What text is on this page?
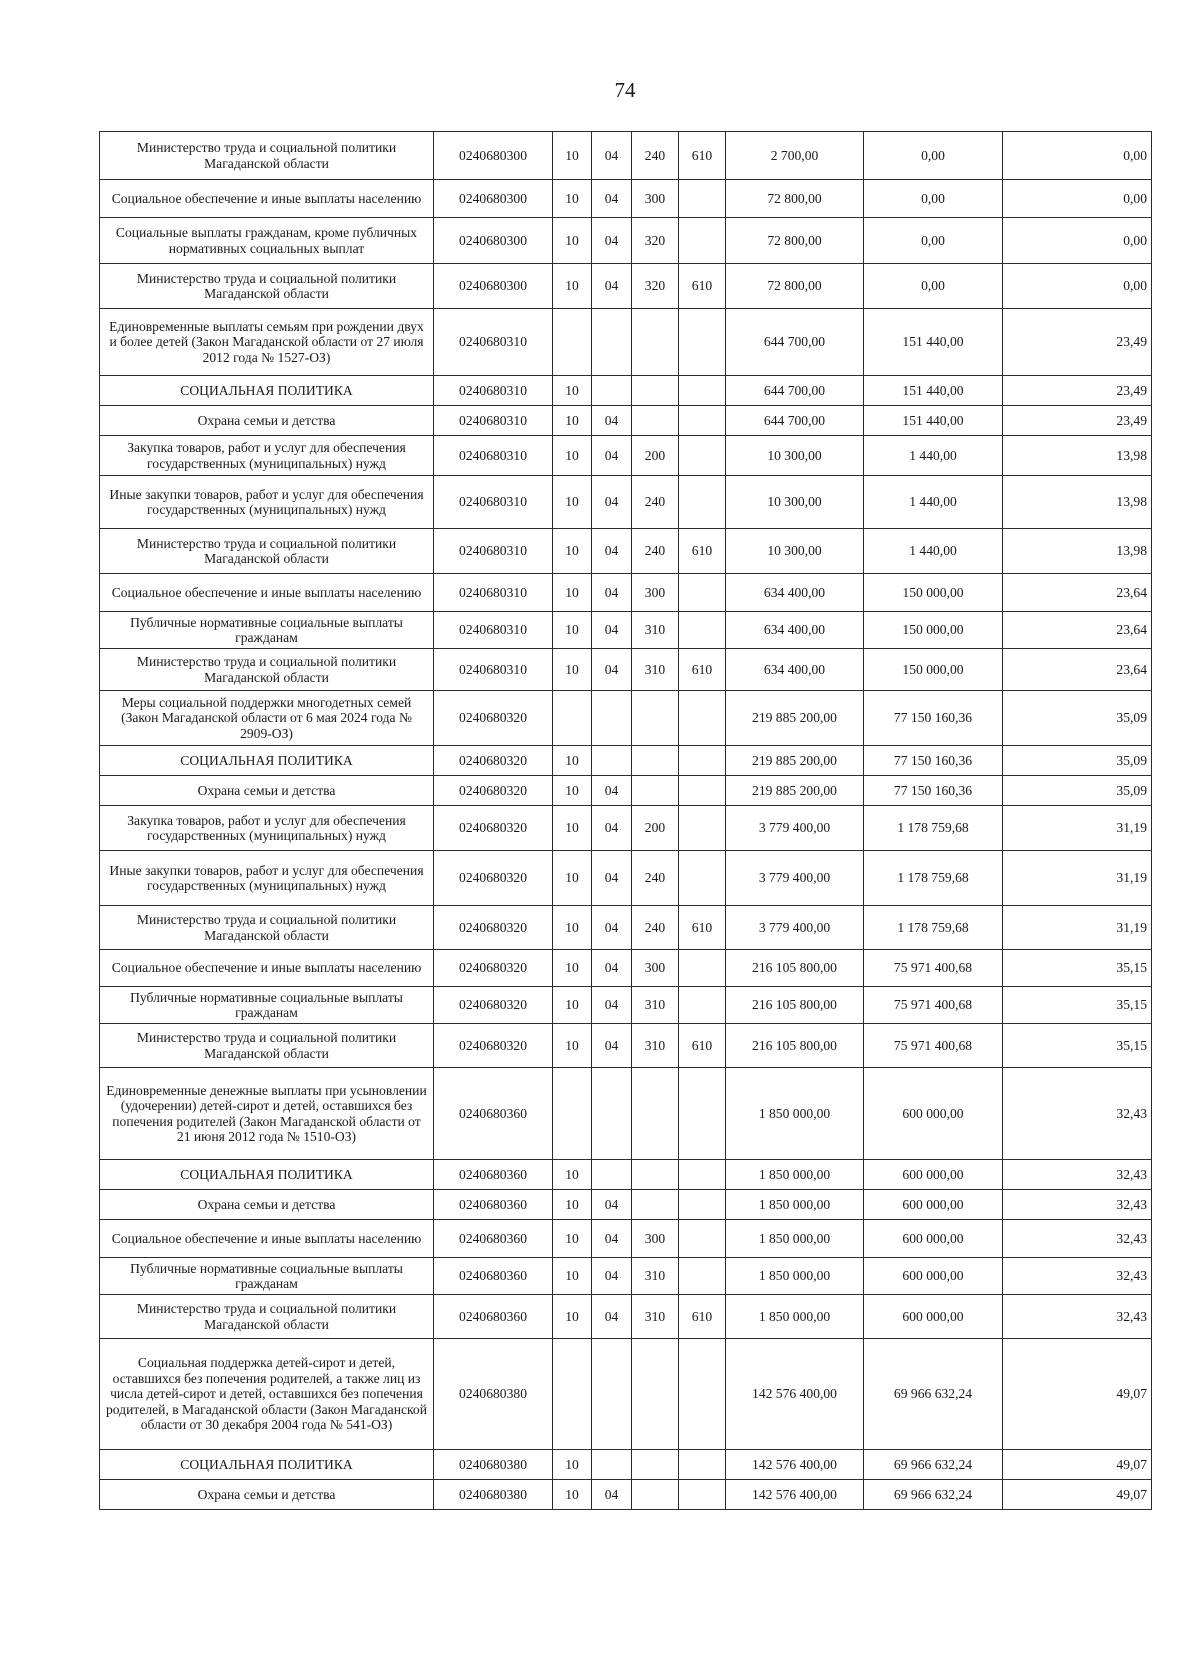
74
Министерство труда и социальной политики Магаданской области	0240680300	10	04	240	610	2 700,00	0,00	0,00
Социальное обеспечение и иные выплаты населению	0240680300	10	04	300		72 800,00	0,00	0,00
Социальные выплаты гражданам, кроме публичных нормативных социальных выплат	0240680300	10	04	320		72 800,00	0,00	0,00
Министерство труда и социальной политики Магаданской области	0240680300	10	04	320	610	72 800,00	0,00	0,00
Единовременные выплаты семьям при рождении двух и более детей (Закон Магаданской области от 27 июля 2012 года № 1527-ОЗ)	0240680310					644 700,00	151 440,00	23,49
СОЦИАЛЬНАЯ ПОЛИТИКА	0240680310	10				644 700,00	151 440,00	23,49
Охрана семьи и детства	0240680310	10	04			644 700,00	151 440,00	23,49
Закупка товаров, работ и услуг для обеспечения государственных (муниципальных) нужд	0240680310	10	04	200		10 300,00	1 440,00	13,98
Иные закупки товаров, работ и услуг для обеспечения государственных (муниципальных) нужд	0240680310	10	04	240		10 300,00	1 440,00	13,98
Министерство труда и социальной политики Магаданской области	0240680310	10	04	240	610	10 300,00	1 440,00	13,98
Социальное обеспечение и иные выплаты населению	0240680310	10	04	300		634 400,00	150 000,00	23,64
Публичные нормативные социальные выплаты гражданам	0240680310	10	04	310		634 400,00	150 000,00	23,64
Министерство труда и социальной политики Магаданской области	0240680310	10	04	310	610	634 400,00	150 000,00	23,64
Меры социальной поддержки многодетных семей (Закон Магаданской области от 6 мая 2024 года № 2909-ОЗ)	0240680320					219 885 200,00	77 150 160,36	35,09
СОЦИАЛЬНАЯ ПОЛИТИКА	0240680320	10				219 885 200,00	77 150 160,36	35,09
Охрана семьи и детства	0240680320	10	04			219 885 200,00	77 150 160,36	35,09
Закупка товаров, работ и услуг для обеспечения государственных (муниципальных) нужд	0240680320	10	04	200		3 779 400,00	1 178 759,68	31,19
Иные закупки товаров, работ и услуг для обеспечения государственных (муниципальных) нужд	0240680320	10	04	240		3 779 400,00	1 178 759,68	31,19
Министерство труда и социальной политики Магаданской области	0240680320	10	04	240	610	3 779 400,00	1 178 759,68	31,19
Социальное обеспечение и иные выплаты населению	0240680320	10	04	300		216 105 800,00	75 971 400,68	35,15
Публичные нормативные социальные выплаты гражданам	0240680320	10	04	310		216 105 800,00	75 971 400,68	35,15
Министерство труда и социальной политики Магаданской области	0240680320	10	04	310	610	216 105 800,00	75 971 400,68	35,15
Единовременные денежные выплаты при усыновлении (удочерении) детей-сирот и детей, оставшихся без попечения родителей (Закон Магаданской области от 21 июня 2012 года № 1510-ОЗ)	0240680360					1 850 000,00	600 000,00	32,43
СОЦИАЛЬНАЯ ПОЛИТИКА	0240680360	10				1 850 000,00	600 000,00	32,43
Охрана семьи и детства	0240680360	10	04			1 850 000,00	600 000,00	32,43
Социальное обеспечение и иные выплаты населению	0240680360	10	04	300		1 850 000,00	600 000,00	32,43
Публичные нормативные социальные выплаты гражданам	0240680360	10	04	310		1 850 000,00	600 000,00	32,43
Министерство труда и социальной политики Магаданской области	0240680360	10	04	310	610	1 850 000,00	600 000,00	32,43
Социальная поддержка детей-сирот и детей, оставшихся без попечения родителей, а также лиц из числа детей-сирот и детей, оставшихся без попечения родителей, в Магаданской области (Закон Магаданской области от 30 декабря 2004 года № 541-ОЗ)	0240680380					142 576 400,00	69 966 632,24	49,07
СОЦИАЛЬНАЯ ПОЛИТИКА	0240680380	10				142 576 400,00	69 966 632,24	49,07
Охрана семьи и детства	0240680380	10	04			142 576 400,00	69 966 632,24	49,07
